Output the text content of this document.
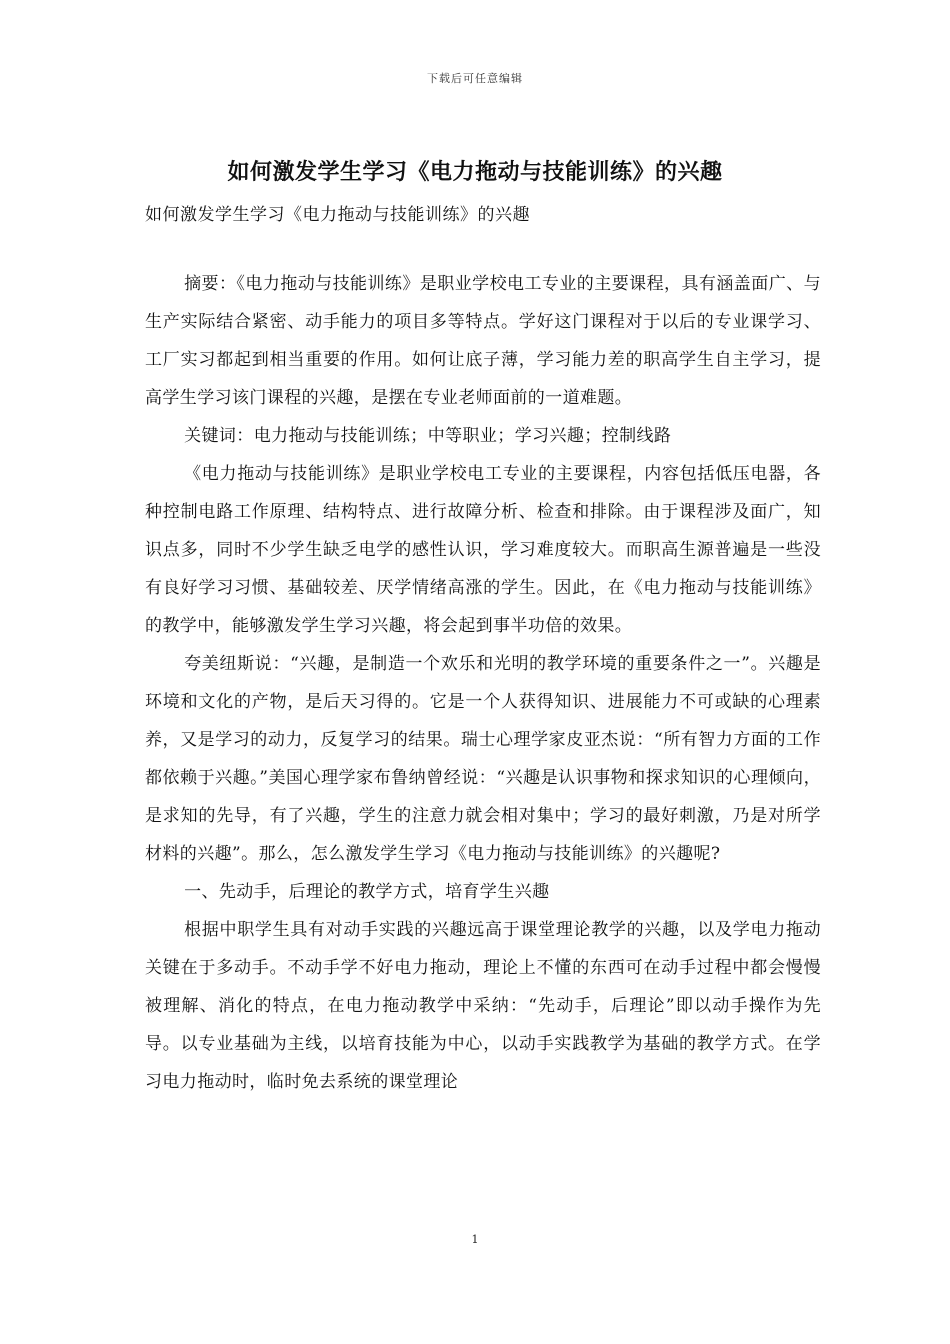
下载后可任意编辑
如何激发学生学习《电力拖动与技能训练》的兴趣
如何激发学生学习《电力拖动与技能训练》的兴趣

摘要：《电力拖动与技能训练》是职业学校电工专业的主要课程，具有涵盖面广、与生产实际结合紧密、动手能力的项目多等特点。学好这门课程对于以后的专业课学习、工厂实习都起到相当重要的作用。如何让底子薄，学习能力差的职高学生自主学习，提高学生学习该门课程的兴趣，是摆在专业老师面前的一道难题。

关键词：电力拖动与技能训练；中等职业；学习兴趣；控制线路

《电力拖动与技能训练》是职业学校电工专业的主要课程，内容包括低压电器，各种控制电路工作原理、结构特点、进行故障分析、检查和排除。由于课程涉及面广，知识点多，同时不少学生缺乏电学的感性认识，学习难度较大。而职高生源普遍是一些没有良好学习习惯、基础较差、厌学情绪高涨的学生。因此，在《电力拖动与技能训练》的教学中，能够激发学生学习兴趣，将会起到事半功倍的效果。

夸美纽斯说：“兴趣，是制造一个欢乐和光明的教学环境的重要条件之一”。兴趣是环境和文化的产物，是后天习得的。它是一个人获得知识、进展能力不可或缺的心理素养，又是学习的动力，反复学习的结果。瑞士心理学家皮亚杰说：“所有智力方面的工作都依赖于兴趣。”美国心理学家布鲁纳曾经说：“兴趣是认识事物和探求知识的心理倾向，是求知的先导，有了兴趣，学生的注意力就会相对集中；学习的最好刺激，乃是对所学材料的兴趣”。那么，怎么激发学生学习《电力拖动与技能训练》的兴趣呢?

一、先动手，后理论的教学方式，培育学生兴趣

根据中职学生具有对动手实践的兴趣远高于课堂理论教学的兴趣，以及学电力拖动关键在于多动手。不动手学不好电力拖动，理论上不懂的东西可在动手过程中都会慢慢被理解、消化的特点，在电力拖动教学中采纳：“先动手，后理论”即以动手操作为先导。以专业基础为主线，以培育技能为中心，以动手实践教学为基础的教学方式。在学习电力拖动时，临时免去系统的课堂理论

1
